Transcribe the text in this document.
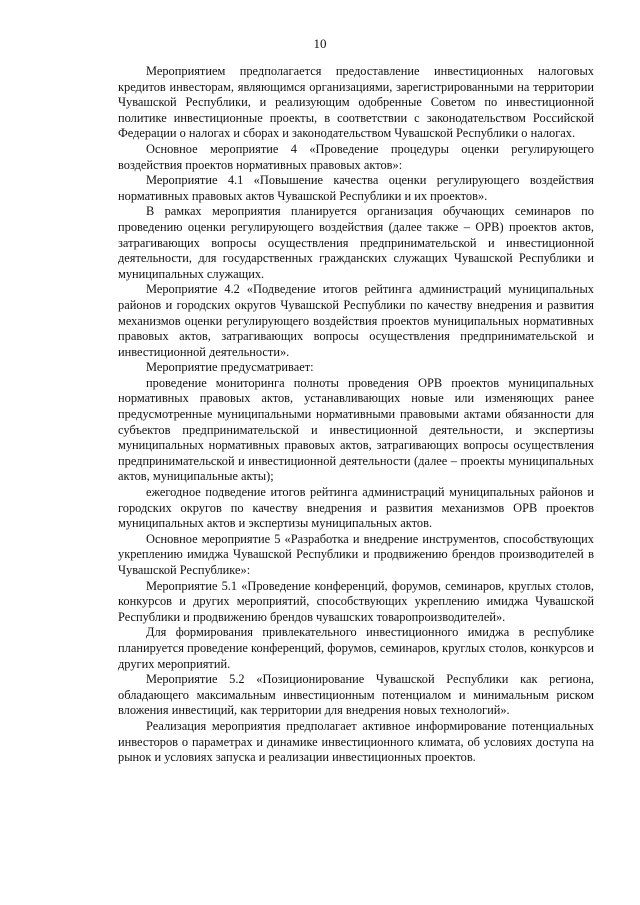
10

Мероприятием предполагается предоставление инвестиционных налоговых кредитов инвесторам, являющимся организациями, зарегистрированными на территории Чувашской Республики, и реализующим одобренные Советом по инвестиционной политике инвестиционные проекты, в соответствии с законодательством Российской Федерации о налогах и сборах и законодательством Чувашской Республики о налогах.

Основное мероприятие 4 «Проведение процедуры оценки регулирующего воздействия проектов нормативных правовых актов»:

Мероприятие 4.1 «Повышение качества оценки регулирующего воздействия нормативных правовых актов Чувашской Республики и их проектов».

В рамках мероприятия планируется организация обучающих семинаров по проведению оценки регулирующего воздействия (далее также – ОРВ) проектов актов, затрагивающих вопросы осуществления предпринимательской и инвестиционной деятельности, для государственных гражданских служащих Чувашской Республики и муниципальных служащих.

Мероприятие 4.2 «Подведение итогов рейтинга администраций муниципальных районов и городских округов Чувашской Республики по качеству внедрения и развития механизмов оценки регулирующего воздействия проектов муниципальных нормативных правовых актов, затрагивающих вопросы осуществления предпринимательской и инвестиционной деятельности».

Мероприятие предусматривает:

проведение мониторинга полноты проведения ОРВ проектов муниципальных нормативных правовых актов, устанавливающих новые или изменяющих ранее предусмотренные муниципальными нормативными правовыми актами обязанности для субъектов предпринимательской и инвестиционной деятельности, и экспертизы муниципальных нормативных правовых актов, затрагивающих вопросы осуществления предпринимательской и инвестиционной деятельности (далее – проекты муниципальных актов, муниципальные акты);

ежегодное подведение итогов рейтинга администраций муниципальных районов и городских округов по качеству внедрения и развития механизмов ОРВ проектов муниципальных актов и экспертизы муниципальных актов.

Основное мероприятие 5 «Разработка и внедрение инструментов, способствующих укреплению имиджа Чувашской Республики и продвижению брендов производителей в Чувашской Республике»:

Мероприятие 5.1 «Проведение конференций, форумов, семинаров, круглых столов, конкурсов и других мероприятий, способствующих укреплению имиджа Чувашской Республики и продвижению брендов чувашских товаропроизводителей».

Для формирования привлекательного инвестиционного имиджа в республике планируется проведение конференций, форумов, семинаров, круглых столов, конкурсов и других мероприятий.

Мероприятие 5.2 «Позиционирование Чувашской Республики как региона, обладающего максимальным инвестиционным потенциалом и минимальным риском вложения инвестиций, как территории для внедрения новых технологий».

Реализация мероприятия предполагает активное информирование потенциальных инвесторов о параметрах и динамике инвестиционного климата, об условиях доступа на рынок и условиях запуска и реализации инвестиционных проектов.
